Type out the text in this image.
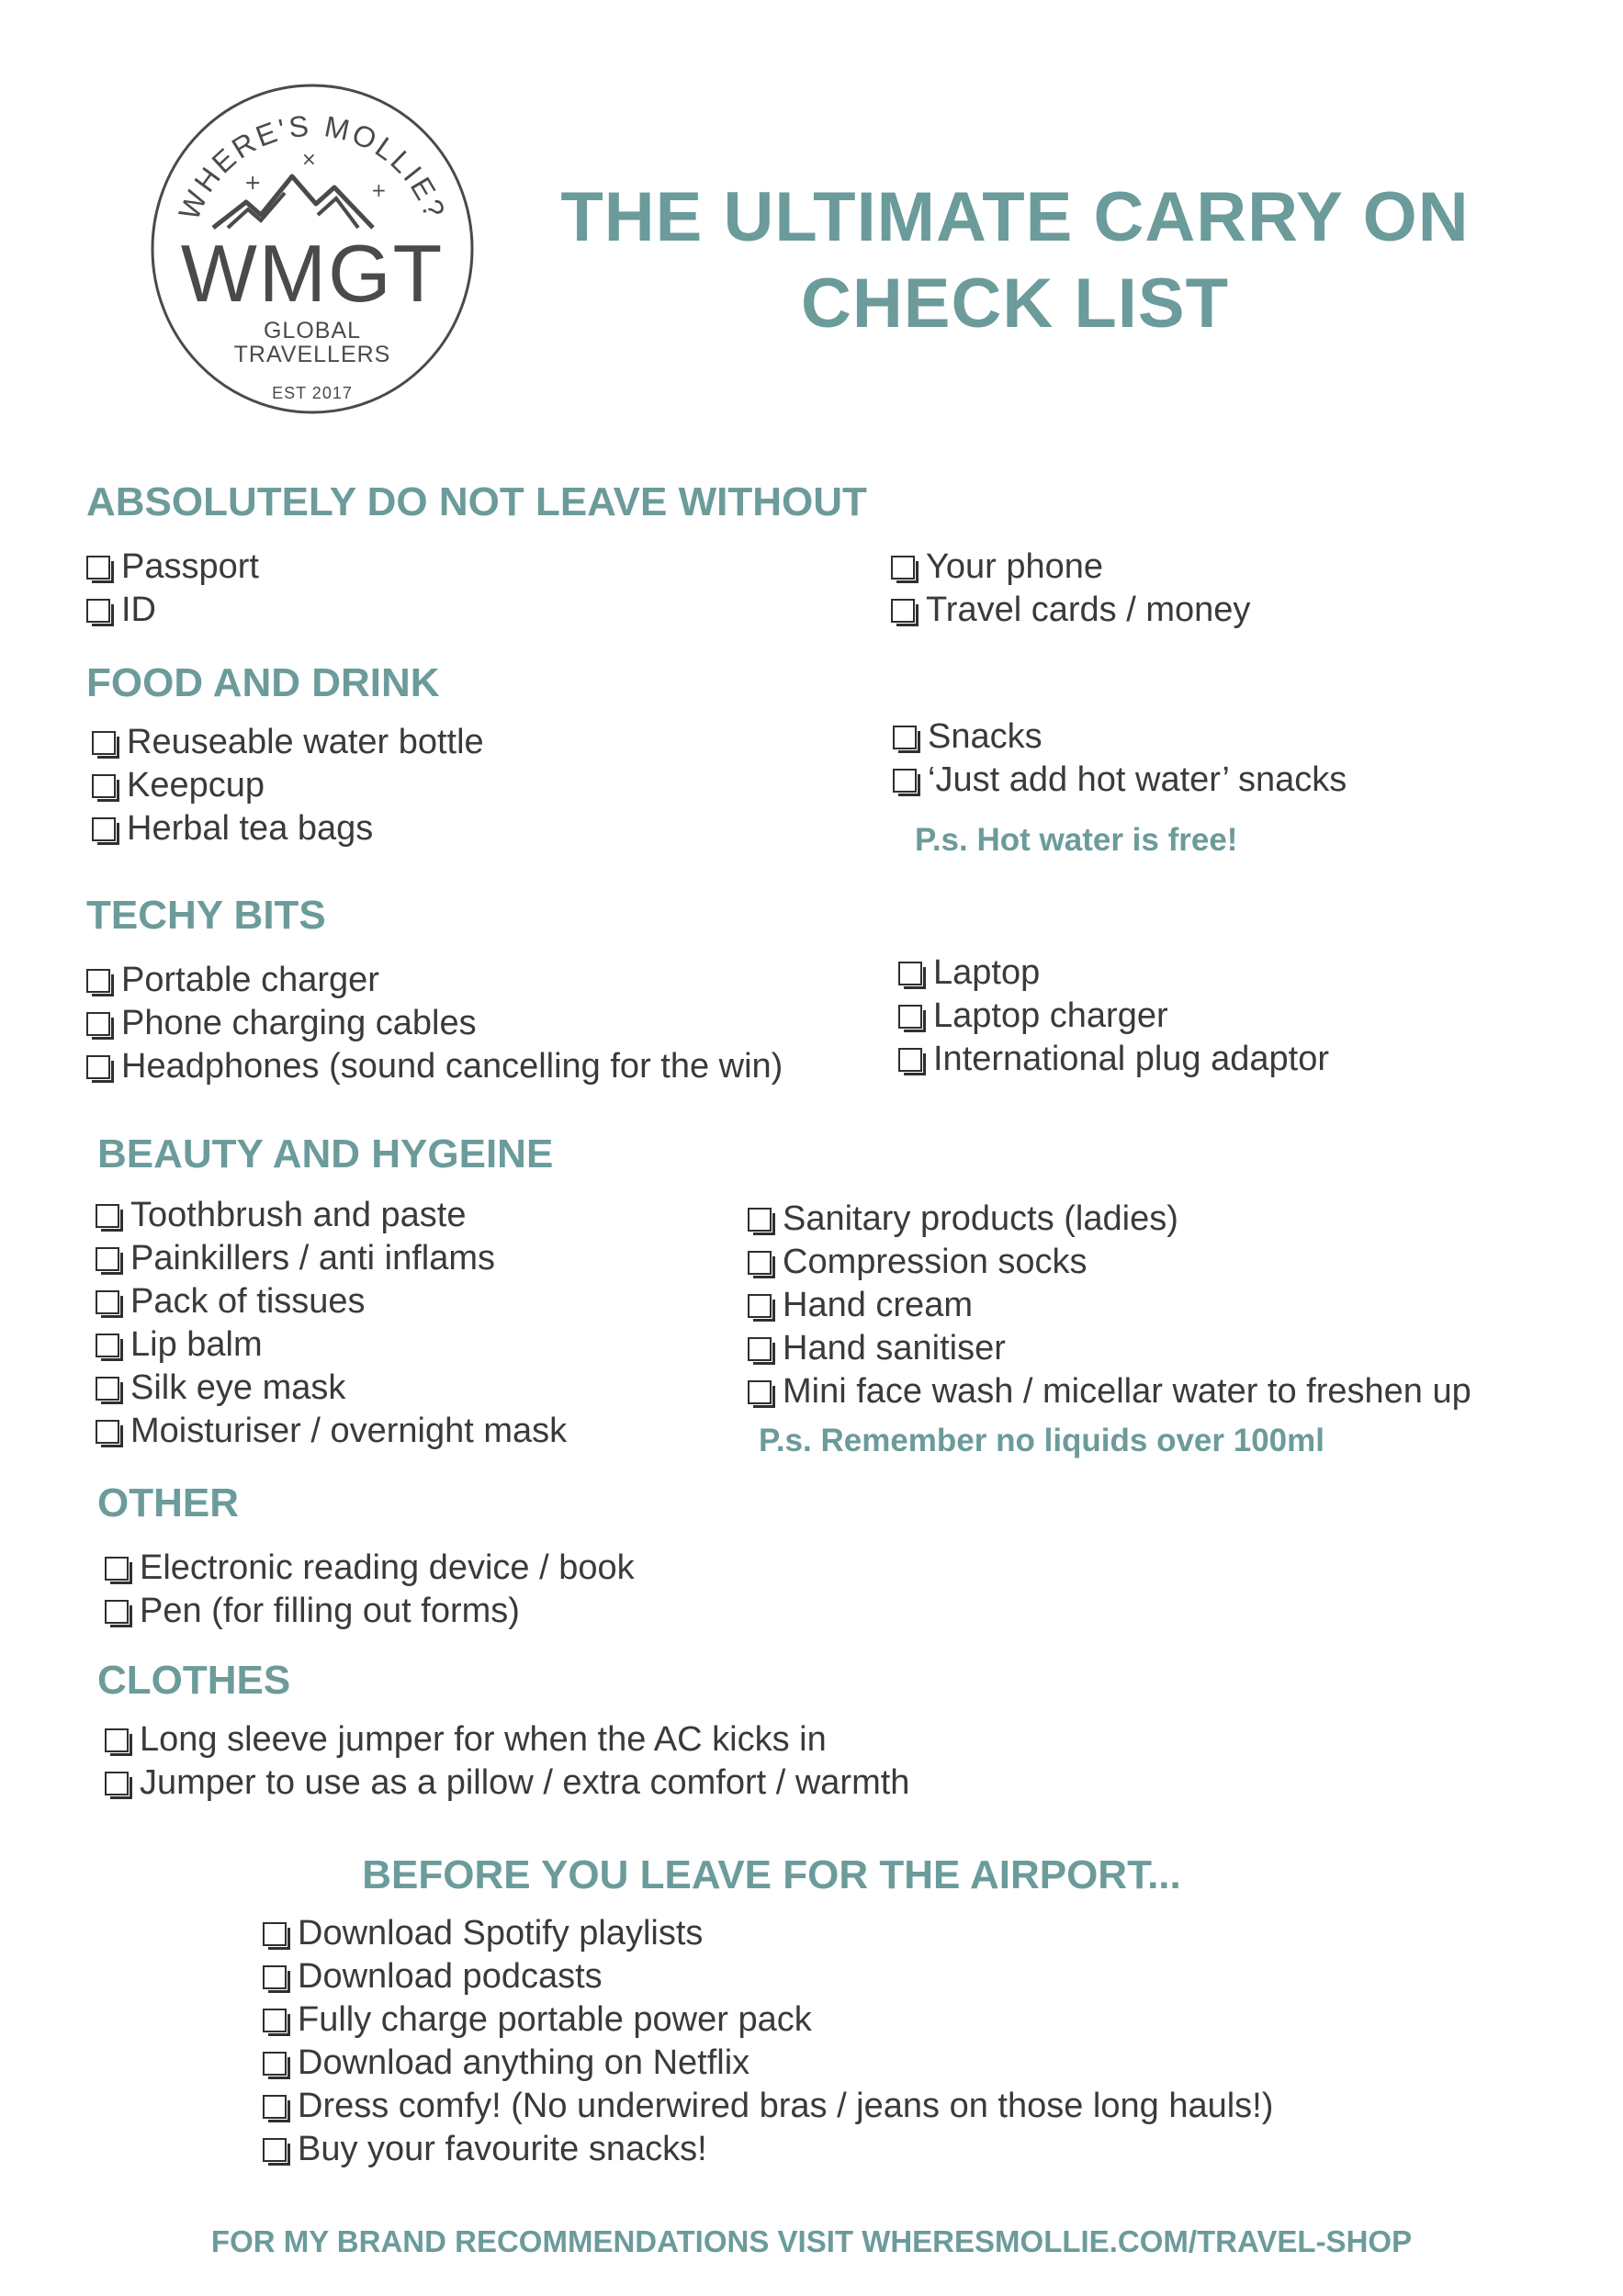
WHERE'S MOLLIE?
+
×
+
WMGT
GLOBAL
TRAVELLERS
EST 2017
THE ULTIMATE CARRY ON
CHECK LIST
ABSOLUTELY DO NOT LEAVE WITHOUT
Passport
ID
Your phone
Travel cards / money
FOOD AND DRINK
Reuseable water bottle
Keepcup
Herbal tea bags
Snacks
‘Just add hot water’ snacks
P.s. Hot water is free!
TECHY BITS
Portable charger
Phone charging cables
Headphones (sound cancelling for the win)
Laptop
Laptop charger
International plug adaptor
BEAUTY AND HYGEINE
Toothbrush and paste
Painkillers / anti inflams
Pack of tissues
Lip balm
Silk eye mask
Moisturiser / overnight mask
Sanitary products (ladies)
Compression socks
Hand cream
Hand sanitiser
Mini face wash / micellar water to freshen up
P.s. Remember no liquids over 100ml
OTHER
Electronic reading device / book
Pen (for filling out forms)
CLOTHES
Long sleeve jumper for when the AC kicks in
Jumper to use as a pillow / extra comfort / warmth
BEFORE YOU LEAVE FOR THE AIRPORT...
Download Spotify playlists
Download podcasts
Fully charge portable power pack
Download anything on Netflix
Dress comfy! (No underwired bras / jeans on those long hauls!)
Buy your favourite snacks!
FOR MY BRAND RECOMMENDATIONS VISIT WHERESMOLLIE.COM/TRAVEL-SHOP
